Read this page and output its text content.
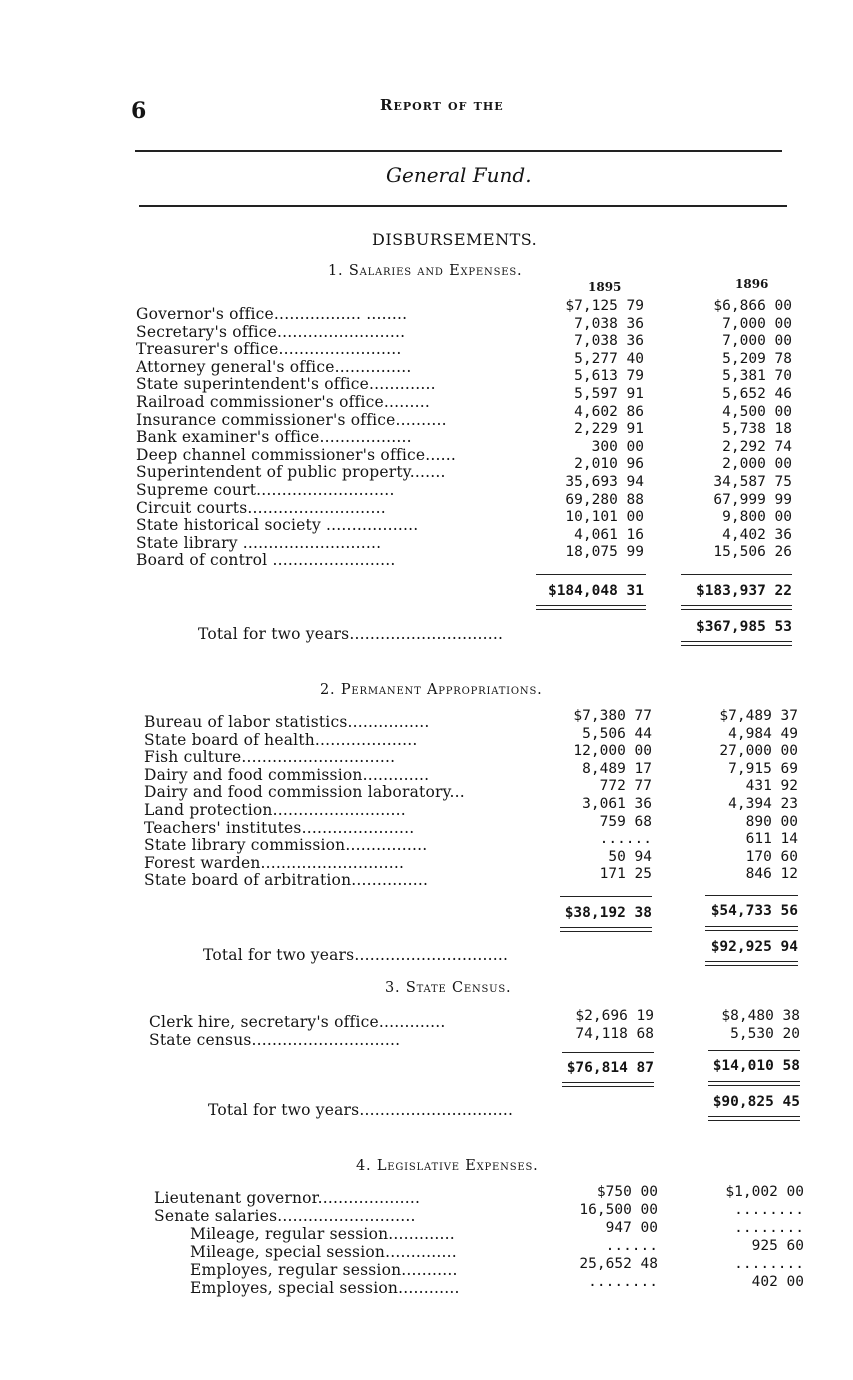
6	Report of the
General Fund.
DISBURSEMENTS.
1. Salaries and Expenses.
1895	1896
Governor's office................. ........	$7,125 79	$6,866 00
Secretary's office.........................	7,038 36	7,000 00
Treasurer's office........................	7,038 36	7,000 00
Attorney general's office...............	5,277 40	5,209 78
State superintendent's office.............	5,613 79	5,381 70
Railroad commissioner's office.........	5,597 91	5,652 46
Insurance commissioner's office..........	4,602 86	4,500 00
Bank examiner's office..................	2,229 91	5,738 18
Deep channel commissioner's office......	300 00	2,292 74
Superintendent of public property.......	2,010 96	2,000 00
Supreme court...........................	35,693 94	34,587 75
Circuit courts...........................	69,280 88	67,999 99
State historical society ..................	10,101 00	9,800 00
State library ...........................	4,061 16	4,402 36
Board of control ........................	18,075 99	15,506 26
$184,048 31	$183,937 22
Total for two years..............................	$367,985 53
2. Permanent Appropriations.
Bureau of labor statistics................	$7,380 77	$7,489 37
State board of health....................	5,506 44	4,984 49
Fish culture..............................	12,000 00	27,000 00
Dairy and food commission.............	8,489 17	7,915 69
Dairy and food commission laboratory...	772 77	431 92
Land protection..........................	3,061 36	4,394 23
Teachers' institutes......................	759 68	890 00
State library commission................	......	611 14
Forest warden............................	50 94	170 60
State board of arbitration...............	171 25	846 12
$38,192 38	$54,733 56
Total for two years..............................	$92,925 94
3. State Census.
Clerk hire, secretary's office.............	$2,696 19	$8,480 38
State census.............................	74,118 68	5,530 20
$76,814 87	$14,010 58
Total for two years..............................	$90,825 45
4. Legislative Expenses.
Lieutenant governor....................	$750 00	$1,002 00
Senate salaries...........................	16,500 00	........
Mileage, regular session.............	947 00	........
Mileage, special session..............	......	925 60
Employes, regular session...........	25,652 48	........
Employes, special session............	........	402 00
